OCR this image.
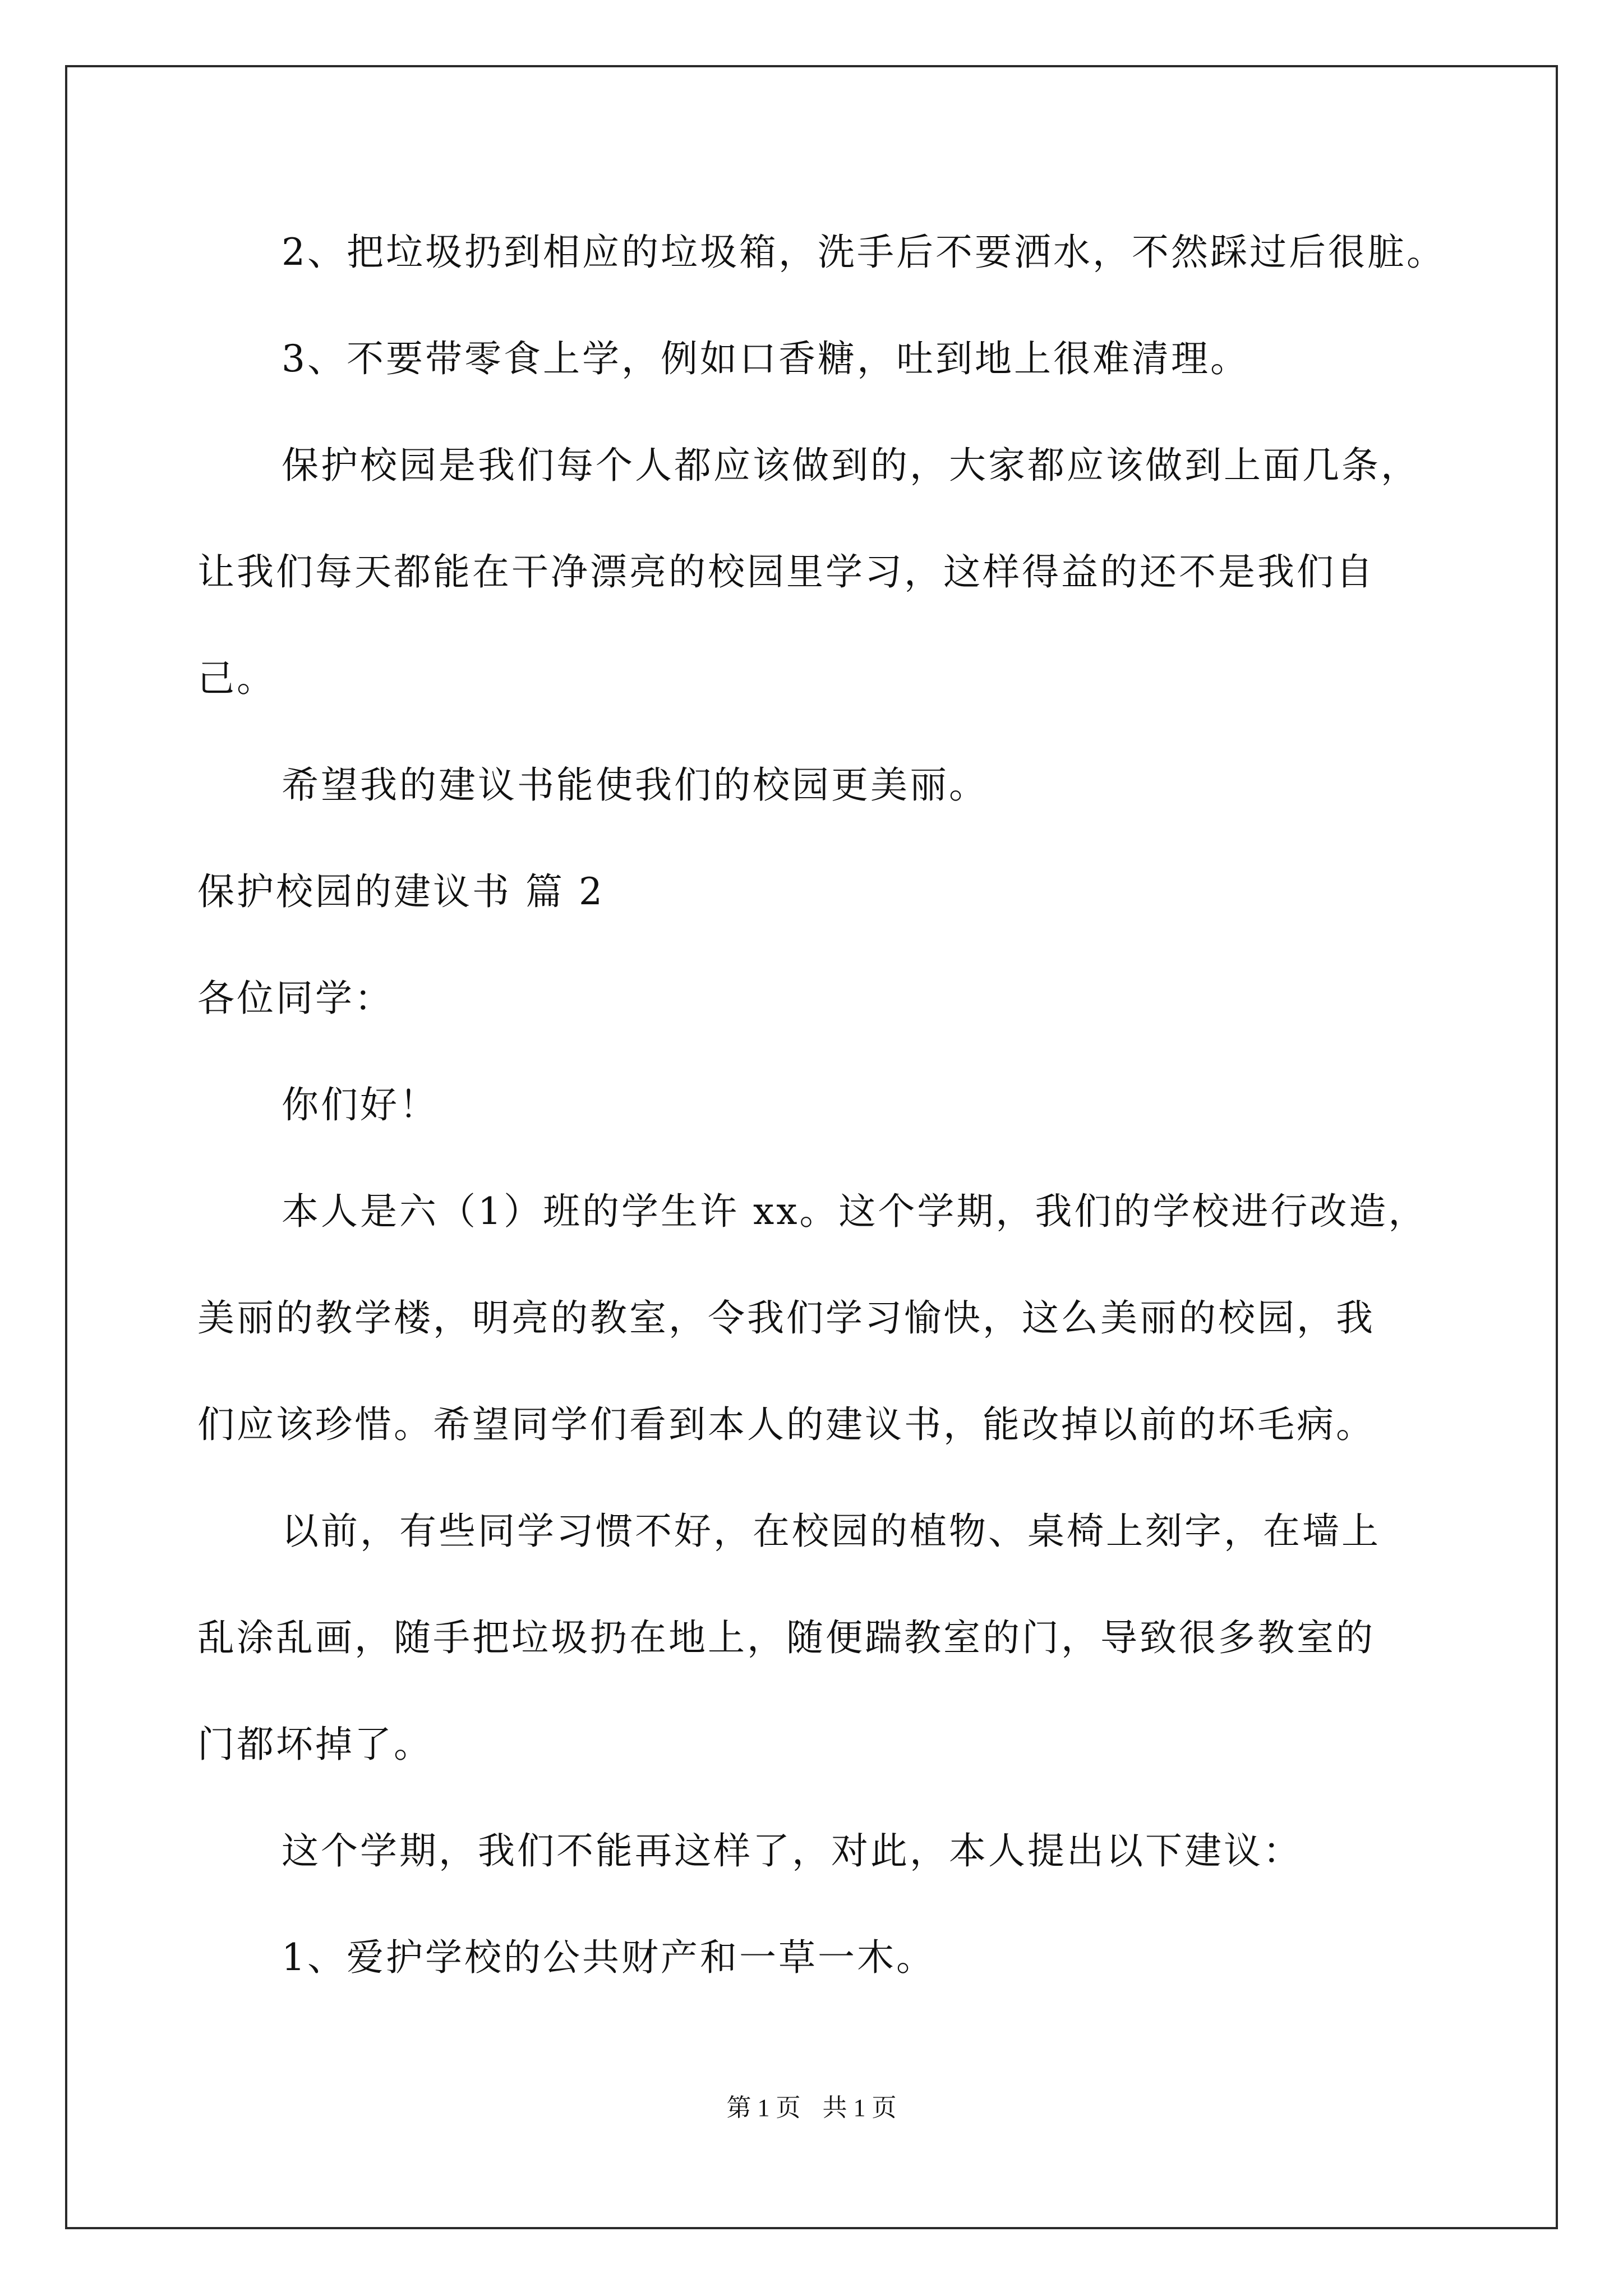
2、把垃圾扔到相应的垃圾箱，洗手后不要洒水，不然踩过后很脏。
3、不要带零食上学，例如口香糖，吐到地上很难清理。
保护校园是我们每个人都应该做到的，大家都应该做到上面几条，
让我们每天都能在干净漂亮的校园里学习，这样得益的还不是我们自
己。
希望我的建议书能使我们的校园更美丽。
保护校园的建议书 篇 2
各位同学：
你们好！
本人是六（1）班的学生许 xx。这个学期，我们的学校进行改造，
美丽的教学楼，明亮的教室，令我们学习愉快，这么美丽的校园，我
们应该珍惜。希望同学们看到本人的建议书，能改掉以前的坏毛病。
以前，有些同学习惯不好，在校园的植物、桌椅上刻字，在墙上
乱涂乱画，随手把垃圾扔在地上，随便踹教室的门，导致很多教室的
门都坏掉了。
这个学期，我们不能再这样了，对此，本人提出以下建议：
1、爱护学校的公共财产和一草一木。
第 1 页 共 1 页
